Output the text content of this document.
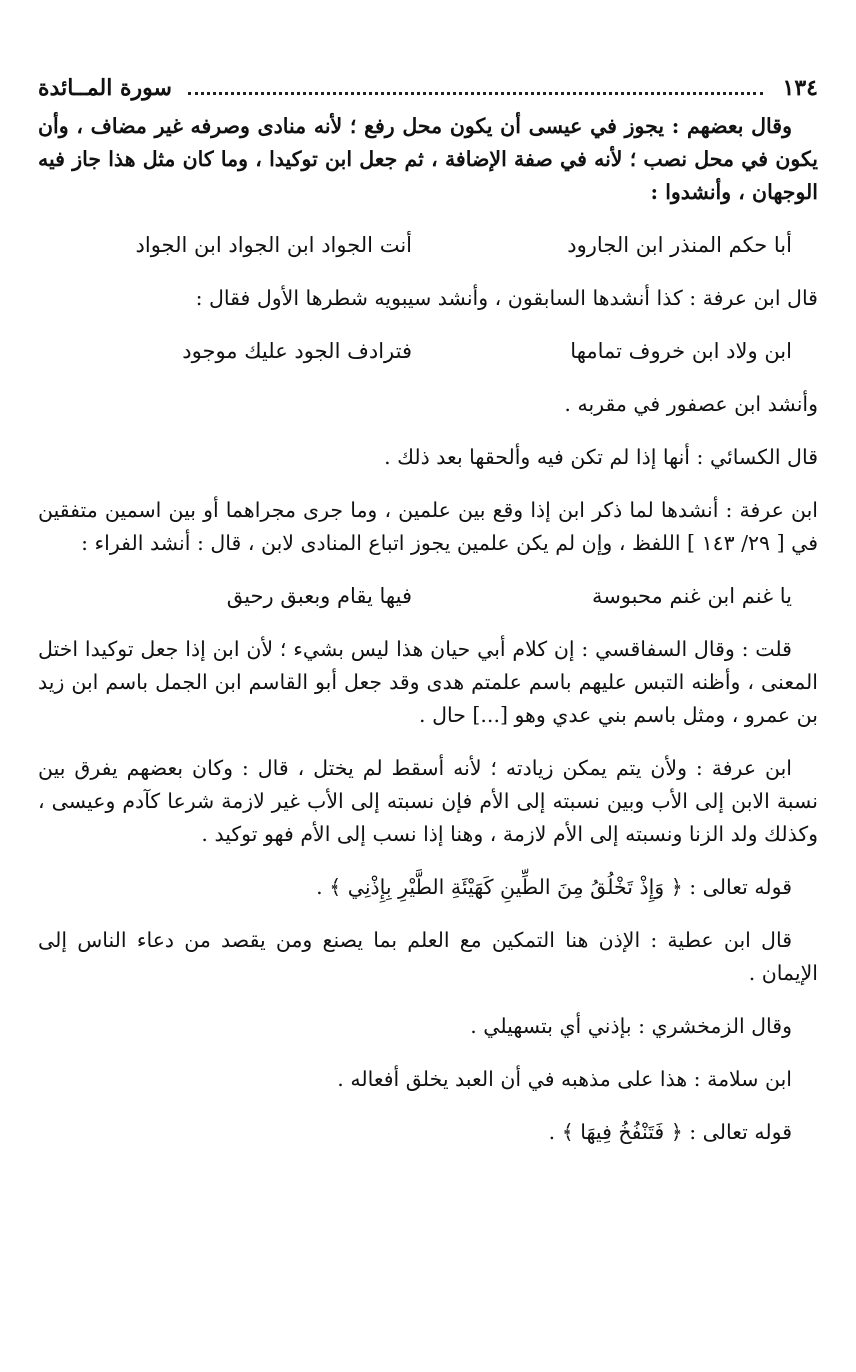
١٣٤
سورة المــائدة

وقال بعضهم : يجوز في عيسى أن يكون محل رفع ؛ لأنه منادى وصرفه غير مضاف ، وأن يكون في محل نصب ؛ لأنه في صفة الإضافة ، ثم جعل ابن توكيدا ، وما كان مثل هذا جاز فيه الوجهان ، وأنشدوا :

أبا حكم المنذر ابن الجارود
أنت الجواد ابن الجواد ابن الجواد

قال ابن عرفة : كذا أنشدها السابقون ، وأنشد سيبويه شطرها الأول فقال :

ابن ولاد ابن خروف تمامها
فترادف الجود عليك موجود

وأنشد ابن عصفور في مقربه .

قال الكسائي : أنها إذا لم تكن فيه وألحقها بعد ذلك .

ابن عرفة : أنشدها لما ذكر ابن إذا وقع بين علمين ، وما جرى مجراهما أو بين اسمين متفقين في [ ٢٩/ ١٤٣ ] اللفظ ، وإن لم يكن علمين يجوز اتباع المنادى لابن ، قال : أنشد الفراء :

يا غنم ابن غنم محبوسة
فيها يقام وبعبق رحيق

قلت : وقال السفاقسي : إن كلام أبي حيان هذا ليس بشيء ؛ لأن ابن إذا جعل توكيدا اختل المعنى ، وأظنه التبس عليهم باسم علمتم هدى وقد جعل أبو القاسم ابن الجمل باسم ابن زيد بن عمرو ، ومثل باسم بني عدي وهو [...] حال .

ابن عرفة : ولأن يتم يمكن زيادته ؛ لأنه أسقط لم يختل ، قال : وكان بعضهم يفرق بين نسبة الابن إلى الأب وبين نسبته إلى الأم فإن نسبته إلى الأب غير لازمة شرعا كآدم وعيسى ، وكذلك ولد الزنا ونسبته إلى الأم لازمة ، وهنا إذا نسب إلى الأم فهو توكيد .

قوله تعالى : ﴿ وَإِذْ تَخْلُقُ مِنَ الطِّينِ كَهَيْئَةِ الطَّيْرِ بِإِذْنِي ﴾ .

قال ابن عطية : الإذن هنا التمكين مع العلم بما يصنع ومن يقصد من دعاء الناس إلى الإيمان .

وقال الزمخشري : بإذني أي بتسهيلي .

ابن سلامة : هذا على مذهبه في أن العبد يخلق أفعاله .

قوله تعالى : ﴿ فَتَنْفُخُ فِيهَا ﴾ .
